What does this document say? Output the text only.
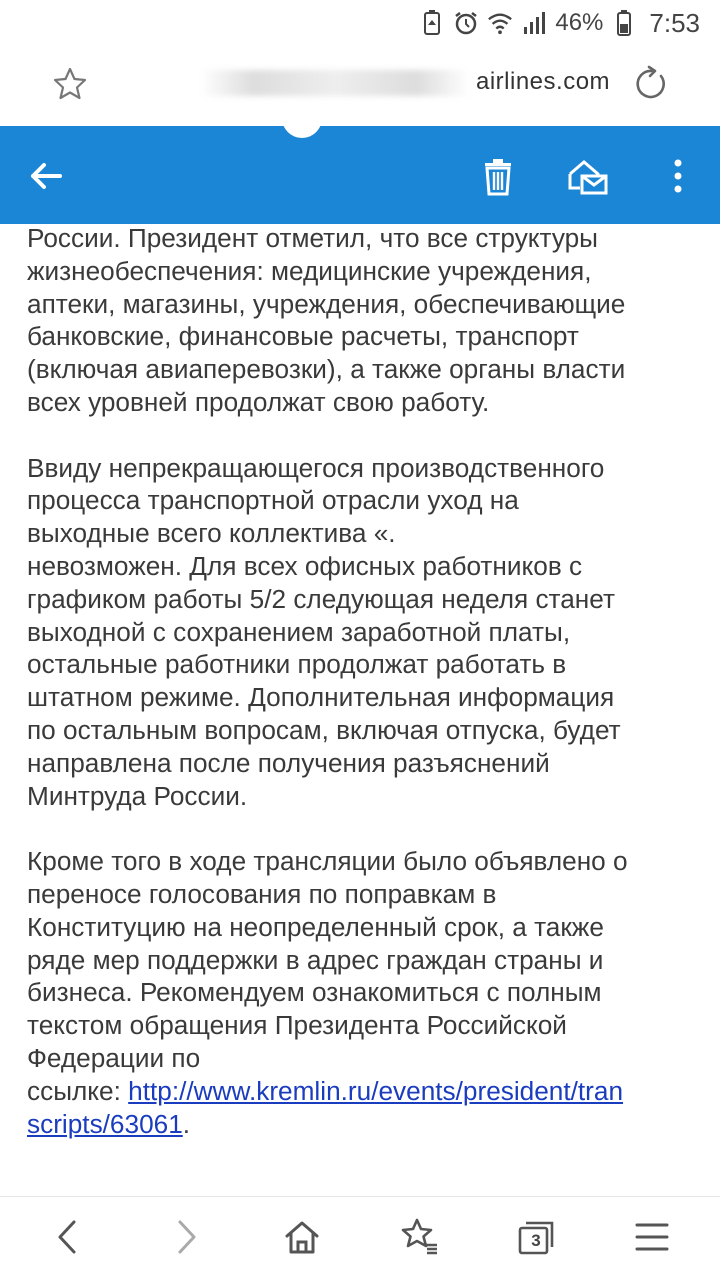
46% 7:53
airlines.com

России. Президент отметил, что все структуры
жизнеобеспечения: медицинские учреждения,
аптеки, магазины, учреждения, обеспечивающие
банковские, финансовые расчеты, транспорт
(включая авиаперевозки), а также органы власти
всех уровней продолжат свою работу.

Ввиду непрекращающегося производственного
процесса транспортной отрасли уход на
выходные всего коллектива «.
невозможен. Для всех офисных работников с
графиком работы 5/2 следующая неделя станет
выходной с сохранением заработной платы,
остальные работники продолжат работать в
штатном режиме. Дополнительная информация
по остальным вопросам, включая отпуска, будет
направлена после получения разъяснений
Минтруда России.

Кроме того в ходе трансляции было объявлено о
переносе голосования по поправкам в
Конституцию на неопределенный срок, а также
ряде мер поддержки в адрес граждан страны и
бизнеса. Рекомендуем ознакомиться с полным
текстом обращения Президента Российской
Федерации по
ссылке: http://www.kremlin.ru/events/president/tran
scripts/63061.

3
